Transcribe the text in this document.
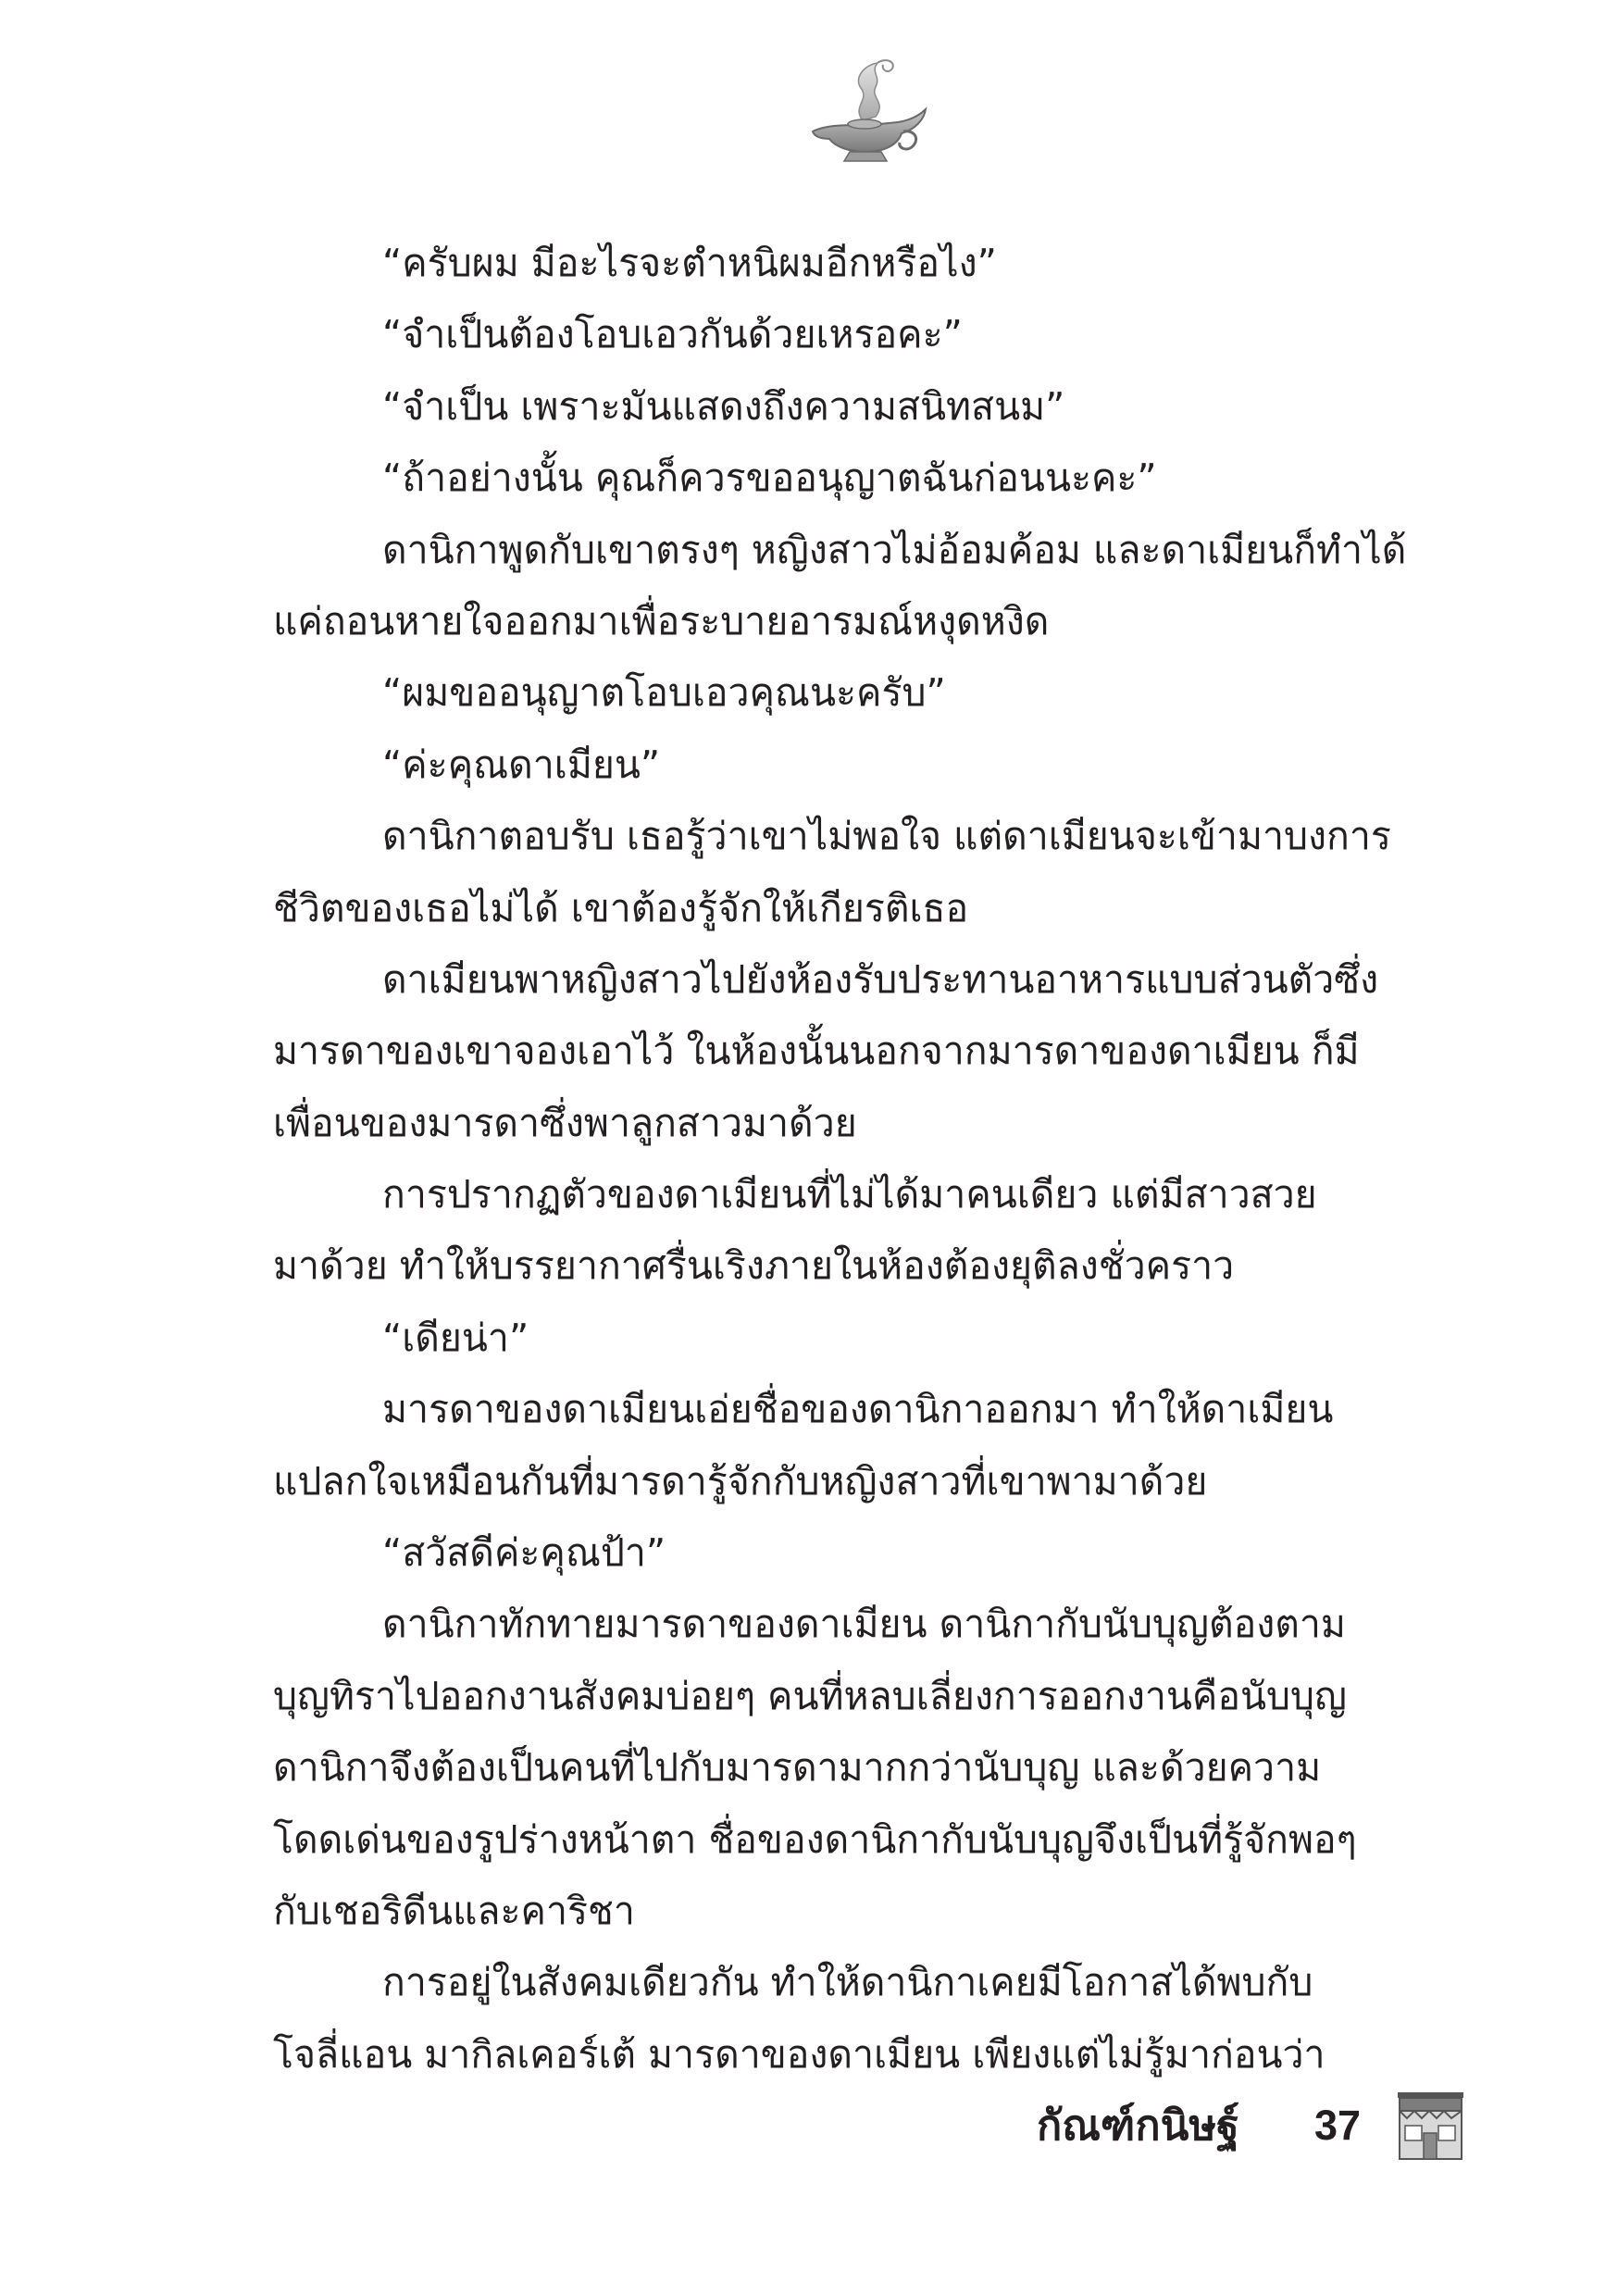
“ครับผม มีอะไรจะตำหนิผมอีกหรือไง”
“จำเป็นต้องโอบเอวกันด้วยเหรอคะ”
“จำเป็น เพราะมันแสดงถึงความสนิทสนม”
“ถ้าอย่างนั้น คุณก็ควรขออนุญาตฉันก่อนนะคะ”
ดานิกาพูดกับเขาตรงๆ หญิงสาวไม่อ้อมค้อม และดาเมียนก็ทำได้
แค่ถอนหายใจออกมาเพื่อระบายอารมณ์หงุดหงิด
“ผมขออนุญาตโอบเอวคุณนะครับ”
“ค่ะคุณดาเมียน”
ดานิกาตอบรับ เธอรู้ว่าเขาไม่พอใจ แต่ดาเมียนจะเข้ามาบงการ
ชีวิตของเธอไม่ได้ เขาต้องรู้จักให้เกียรติเธอ
ดาเมียนพาหญิงสาวไปยังห้องรับประทานอาหารแบบส่วนตัวซึ่ง
มารดาของเขาจองเอาไว้ ในห้องนั้นนอกจากมารดาของดาเมียน ก็มี
เพื่อนของมารดาซึ่งพาลูกสาวมาด้วย
การปรากฏตัวของดาเมียนที่ไม่ได้มาคนเดียว แต่มีสาวสวย
มาด้วย ทำให้บรรยากาศรื่นเริงภายในห้องต้องยุติลงชั่วคราว
“เดียน่า”
มารดาของดาเมียนเอ่ยชื่อของดานิกาออกมา ทำให้ดาเมียน
แปลกใจเหมือนกันที่มารดารู้จักกับหญิงสาวที่เขาพามาด้วย
“สวัสดีค่ะคุณป้า”
ดานิกาทักทายมารดาของดาเมียน ดานิกากับนับบุญต้องตาม
บุญทิราไปออกงานสังคมบ่อยๆ คนที่หลบเลี่ยงการออกงานคือนับบุญ
ดานิกาจึงต้องเป็นคนที่ไปกับมารดามากกว่านับบุญ และด้วยความ
โดดเด่นของรูปร่างหน้าตา ชื่อของดานิกากับนับบุญจึงเป็นที่รู้จักพอๆ
กับเชอริดีนและคาริชา
การอยู่ในสังคมเดียวกัน ทำให้ดานิกาเคยมีโอกาสได้พบกับ
โจลี่แอน มากิลเคอร์เต้ มารดาของดาเมียน เพียงแต่ไม่รู้มาก่อนว่า
กัณฑ์กนิษฐ์ 37
